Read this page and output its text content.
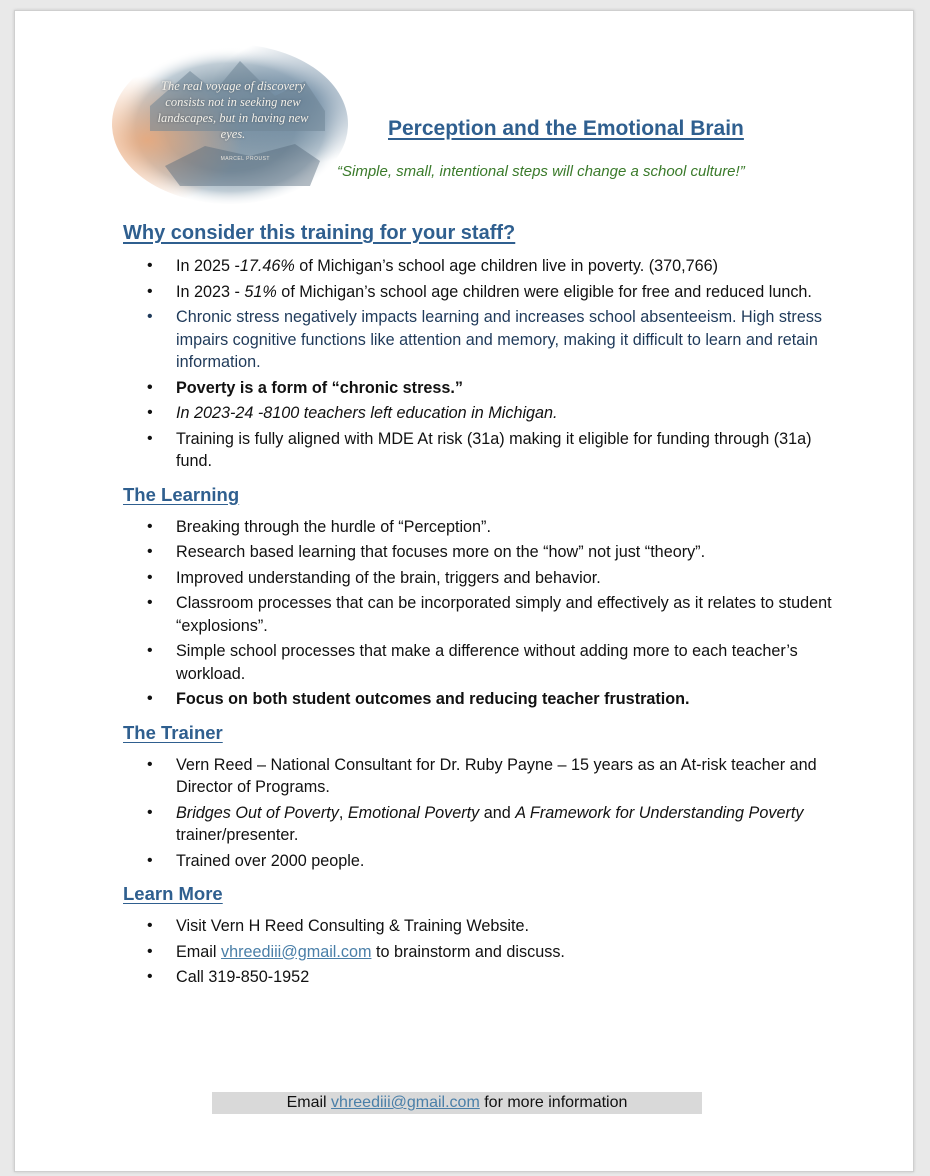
The real voyage of discovery consists not in seeking new landscapes, but in having new eyes.
MARCEL PROUST
Perception and the Emotional Brain
“Simple, small, intentional steps will change a school culture!”
Why consider this training for your staff?
• In 2025 -17.46% of Michigan’s school age children live in poverty. (370,766)
• In 2023 - 51% of Michigan’s school age children were eligible for free and reduced lunch.
• Chronic stress negatively impacts learning and increases school absenteeism. High stress impairs cognitive functions like attention and memory, making it difficult to learn and retain information.
• Poverty is a form of “chronic stress.”
• In 2023-24 -8100 teachers left education in Michigan.
• Training is fully aligned with MDE At risk (31a) making it eligible for funding through (31a) fund.
The Learning
• Breaking through the hurdle of “Perception”.
• Research based learning that focuses more on the “how” not just “theory”.
• Improved understanding of the brain, triggers and behavior.
• Classroom processes that can be incorporated simply and effectively as it relates to student “explosions”.
• Simple school processes that make a difference without adding more to each teacher’s workload.
• Focus on both student outcomes and reducing teacher frustration.
The Trainer
• Vern Reed – National Consultant for Dr. Ruby Payne – 15 years as an At-risk teacher and Director of Programs.
• Bridges Out of Poverty, Emotional Poverty and A Framework for Understanding Poverty trainer/presenter.
• Trained over 2000 people.
Learn More
• Visit Vern H Reed Consulting & Training Website.
• Email vhreediii@gmail.com to brainstorm and discuss.
• Call 319-850-1952
Email vhreediii@gmail.com for more information
